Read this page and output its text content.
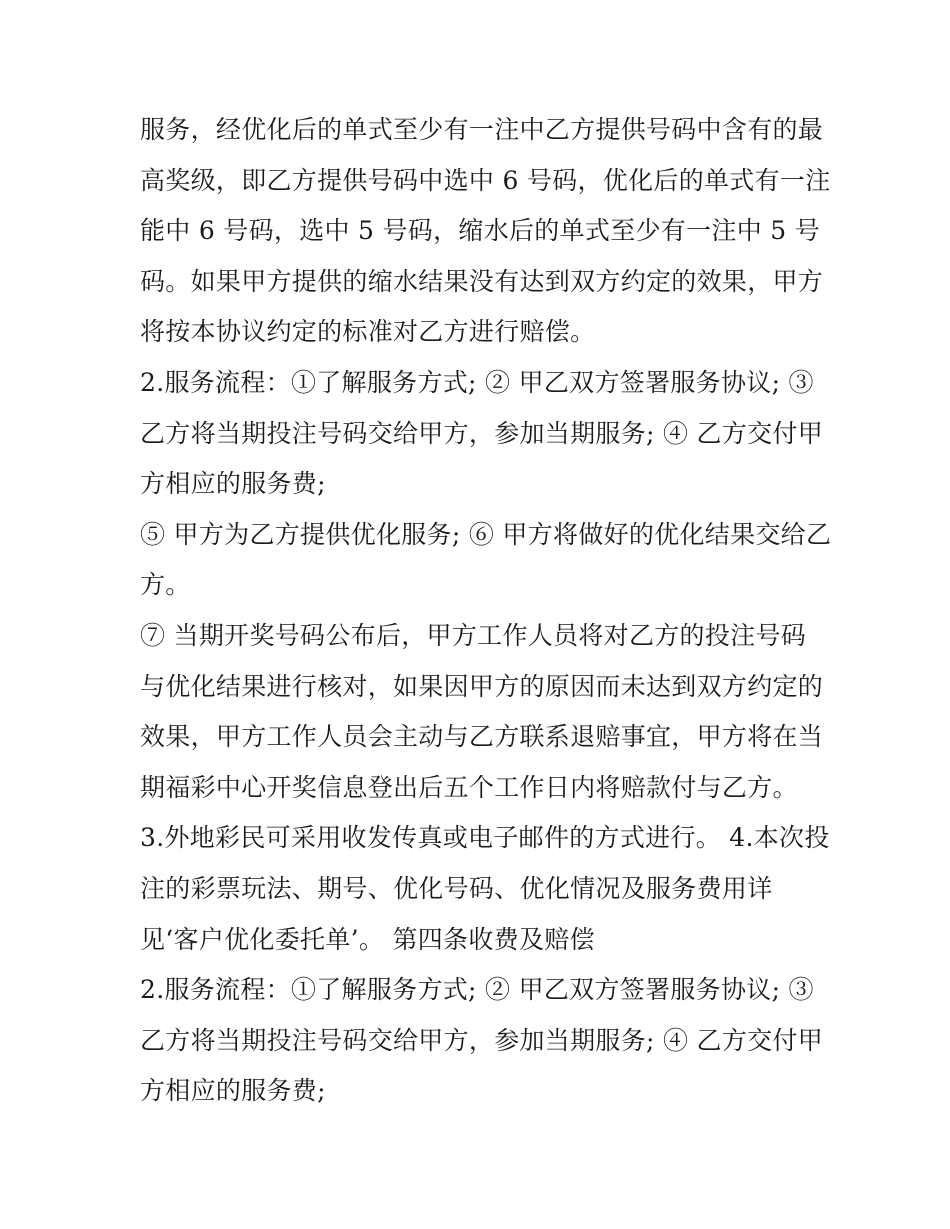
服务，经优化后的单式至少有一注中乙方提供号码中含有的最
高奖级，即乙方提供号码中选中 6 号码，优化后的单式有一注
能中 6 号码，选中 5 号码，缩水后的单式至少有一注中 5 号
码。如果甲方提供的缩水结果没有达到双方约定的效果，甲方
将按本协议约定的标准对乙方进行赔偿。
2.服务流程：①了解服务方式; ② 甲乙双方签署服务协议; ③
乙方将当期投注号码交给甲方，参加当期服务; ④ 乙方交付甲
方相应的服务费;
⑤ 甲方为乙方提供优化服务; ⑥ 甲方将做好的优化结果交给乙
方。
⑦ 当期开奖号码公布后，甲方工作人员将对乙方的投注号码
与优化结果进行核对，如果因甲方的原因而未达到双方约定的
效果，甲方工作人员会主动与乙方联系退赔事宜，甲方将在当
期福彩中心开奖信息登出后五个工作日内将赔款付与乙方。
3.外地彩民可采用收发传真或电子邮件的方式进行。 4.本次投
注的彩票玩法、期号、优化号码、优化情况及服务费用详
见‘客户优化委托单’。 第四条收费及赔偿
2.服务流程：①了解服务方式; ② 甲乙双方签署服务协议; ③
乙方将当期投注号码交给甲方，参加当期服务; ④ 乙方交付甲
方相应的服务费;
